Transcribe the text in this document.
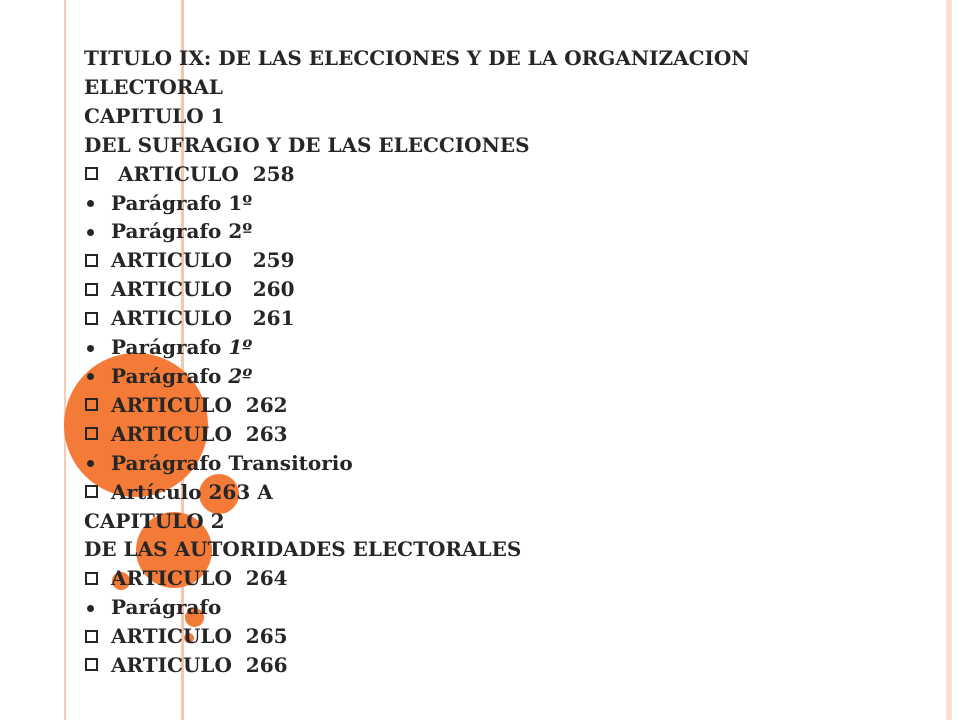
TITULO IX: DE LAS ELECCIONES Y DE LA ORGANIZACION
ELECTORAL
CAPITULO 1
DEL SUFRAGIO Y DE LAS ELECCIONES
ARTICULO  258
Parágrafo 1º
Parágrafo 2º
ARTICULO   259
ARTICULO   260
ARTICULO   261
Parágrafo 1º
Parágrafo 2º
ARTICULO  262
ARTICULO  263
Parágrafo Transitorio
Artículo 263 A
CAPITULO 2
DE LAS AUTORIDADES ELECTORALES
ARTICULO  264
Parágrafo
ARTICULO  265
ARTICULO  266
